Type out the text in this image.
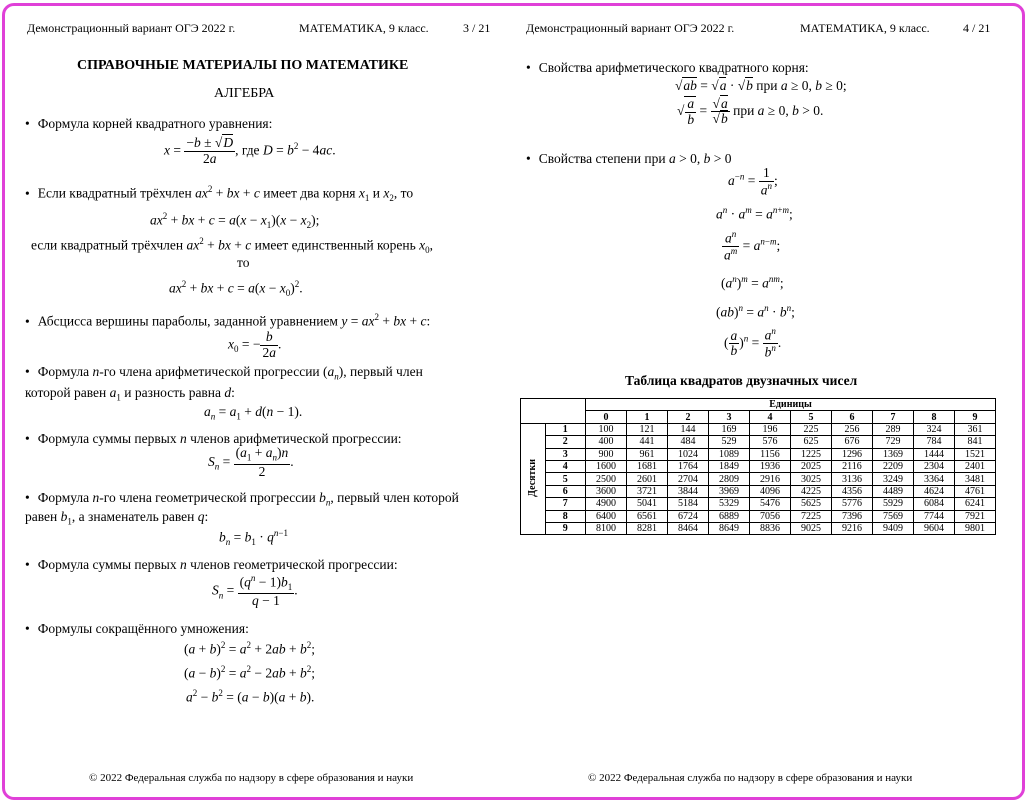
Демонстрационный вариант ОГЭ 2022 г.	МАТЕМАТИКА, 9 класс.	3 / 21
СПРАВОЧНЫЕ МАТЕРИАЛЫ ПО МАТЕМАТИКЕ
АЛГЕБРА
• Формула корней квадратного уравнения:
$x = \frac{-b \pm √D}{2a}$ , где $D = b^2 - 4ac$.
• Если квадратный трёхчлен $ax^2$ + bx + c имеет два корня $x_1$ и $x_2$, то
$ax^2$ + bx + $c = a(x - x_1)(x - x_2)$;
если квадратный трёхчлен $ax^2$ + bx + c имеет единственный корень $x_0$,
то
$ax^2$ + bx + $c = a(x - x_0)^2$.
• Абсцисса вершины параболы, заданной уравнением $y = ax^2$ + bx + c:
$x_0$ = − $\frac{b}{2a}$ .
• Формула n-го члена арифметической прогрессии $(a_n)$, первый член
которой равен $a_1$ и разность равна d:
$a_n = a_1 + d(n - 1)$.
• Формула суммы первых n членов арифметической прогрессии:
$S_n = \frac{(a_1 + a_n)n}{2}$ .
• Формула n-го члена геометрической прогрессии $b_n$, первый член которой
равен $b_1$, а знаменатель равен q:
$b_n = b_1 \cdot q^{n-1}$
• Формула суммы первых n членов геометрической прогрессии:
$S_n = \frac{(q^n - 1)b_1}{q - 1}$ .
• Формулы сокращённого умножения:
$(a + b)^2 = a^2 + 2ab + b^2$;
$(a - b)^2 = a^2 - 2ab + b^2$;
$a^2 - b^2 = (a - b)(a + b)$.
© 2022 Федеральная служба по надзору в сфере образования и науки
Демонстрационный вариант ОГЭ 2022 г.	МАТЕМАТИКА, 9 класс.	4 / 21
• Свойства арифметического квадратного корня:
√ab = √a · √b при a ≥ 0, b ≥ 0;
√ $\frac{a}{b} = \frac{√a}{√b}$ при a ≥ 0, b > 0.
• Свойства степени при a > 0, b > 0
$a^{-n} = \frac{1}{a^n}$ ;
$a^n \cdot a^m = a^{n+m}$;
$\frac{a^n}{a^m} = a^{n-m}$;
$(a^n)^m = a^{nm}$;
$(ab)^n = a^n \cdot b^n$;
( $\frac{a}{b} )^n = \frac{a^n}{b^n}$ .
Таблица квадратов двузначных чисел
		Единицы									
		0	1	2	3	4	5	6	7	8	9
Десятки	1	100	121	144	169	196	225	256	289	324	361
	2	400	441	484	529	576	625	676	729	784	841
	3	900	961	1024	1089	1156	1225	1296	1369	1444	1521
	4	1600	1681	1764	1849	1936	2025	2116	2209	2304	2401
	5	2500	2601	2704	2809	2916	3025	3136	3249	3364	3481
	6	3600	3721	3844	3969	4096	4225	4356	4489	4624	4761
	7	4900	5041	5184	5329	5476	5625	5776	5929	6084	6241
	8	6400	6561	6724	6889	7056	7225	7396	7569	7744	7921
	9	8100	8281	8464	8649	8836	9025	9216	9409	9604	9801
© 2022 Федеральная служба по надзору в сфере образования и науки
